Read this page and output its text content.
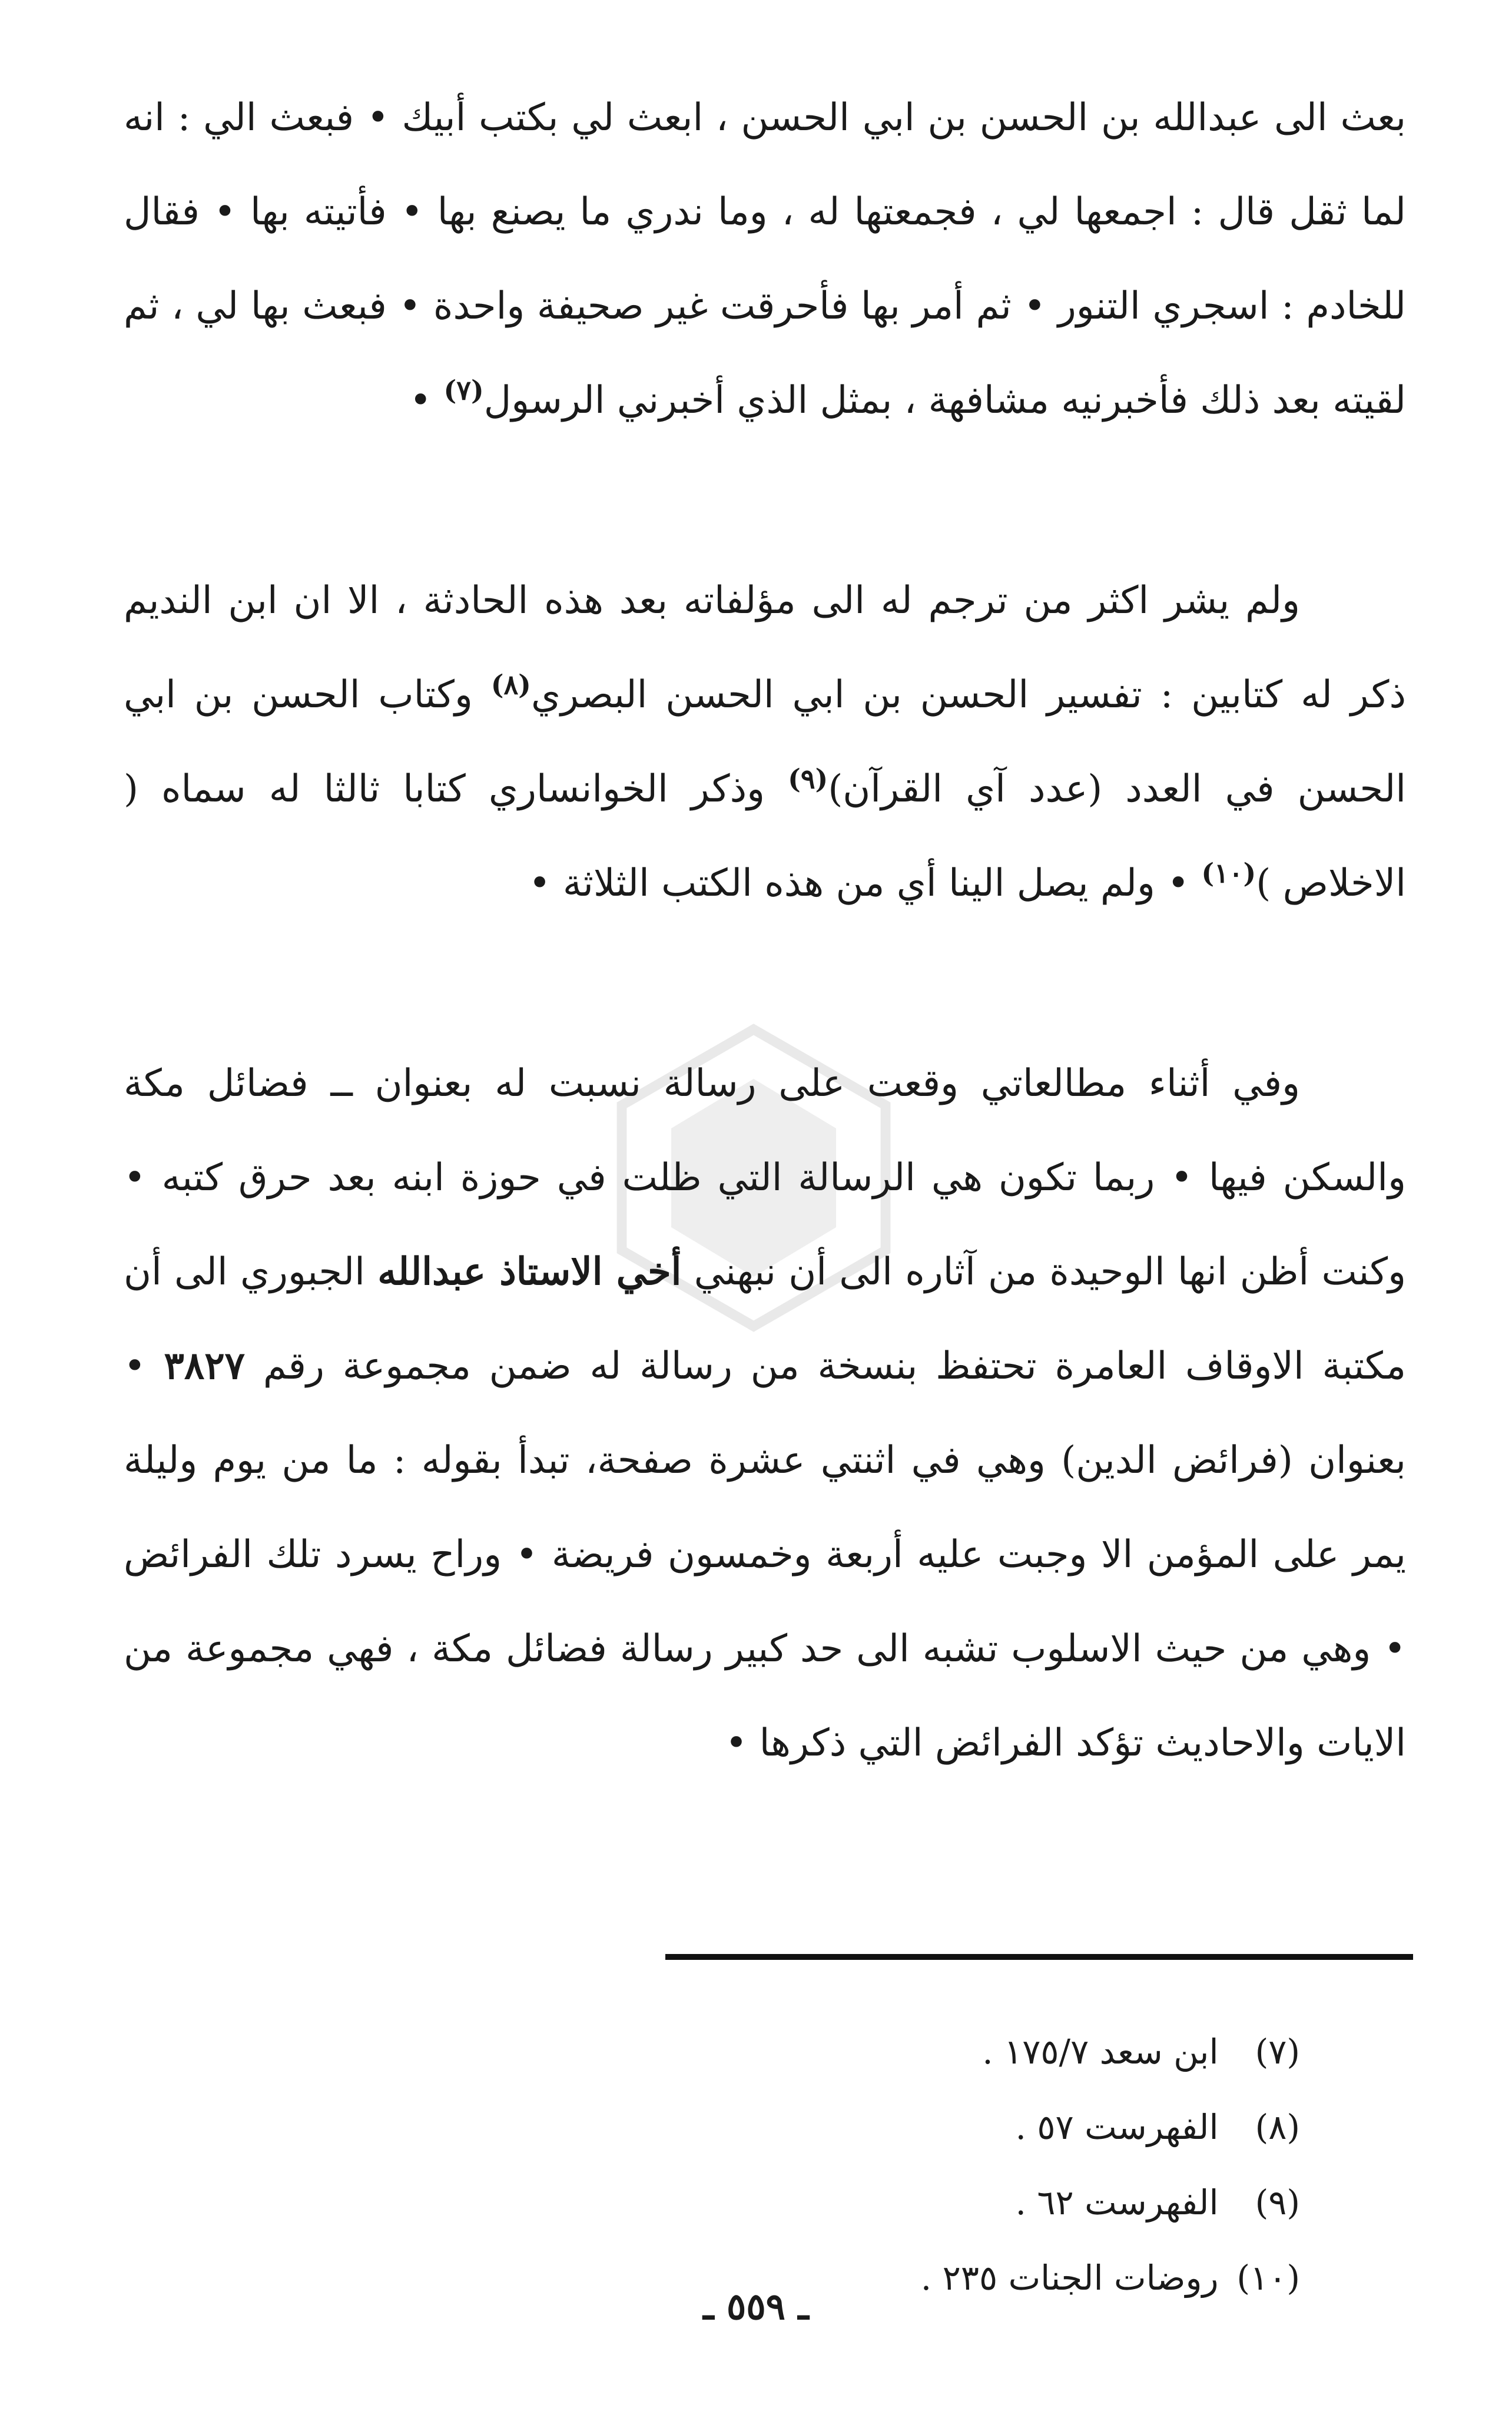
بعث الى عبدالله بن الحسن بن ابي الحسن ، ابعث لي بكتب أبيك • فبعث الي : انه لما ثقل قال : اجمعها لي ، فجمعتها له ، وما ندري ما يصنع بها • فأتيته بها • فقال للخادم : اسجري التنور • ثم أمر بها فأحرقت غير صحيفة واحدة • فبعث بها لي ، ثم لقيته بعد ذلك فأخبرنيه مشافهة ، بمثل الذي أخبرني الرسول$^{(٧)}$ •

ولم يشر اكثر من ترجم له الى مؤلفاته بعد هذه الحادثة ، الا ان ابن النديم ذكر له كتابين : تفسير الحسن بن ابي الحسن البصري$^{(٨)}$ وكتاب الحسن بن ابي الحسن في العدد (عدد آي القرآن)$^{(٩)}$ وذكر الخوانساري كتابا ثالثا له سماه ( الاخلاص )$^{(١٠)}$ • ولم يصل الينا أي من هذه الكتب الثلاثة •

وفي أثناء مطالعاتي وقعت على رسالة نسبت له بعنوان ــ فضائل مكة والسكن فيها • ربما تكون هي الرسالة التي ظلت في حوزة ابنه بعد حرق كتبه • وكنت أظن انها الوحيدة من آثاره الى أن نبهني أخي الاستاذ عبدالله الجبوري الى أن مكتبة الاوقاف العامرة تحتفظ بنسخة من رسالة له ضمن مجموعة رقم ٣٨٢٧ • بعنوان (فرائض الدين) وهي في اثنتي عشرة صفحة، تبدأ بقوله : ما من يوم وليلة يمر على المؤمن الا وجبت عليه أربعة وخمسون فريضة • وراح يسرد تلك الفرائض • وهي من حيث الاسلوب تشبه الى حد كبير رسالة فضائل مكة ، فهي مجموعة من الايات والاحاديث تؤكد الفرائض التي ذكرها •

(٧) ابن سعد ١٧٥/٧ .
(٨) الفهرست ٥٧ .
(٩) الفهرست ٦٢ .
(١٠) روضات الجنات ٢٣٥ .
ـ ٥٥٩ ـ
